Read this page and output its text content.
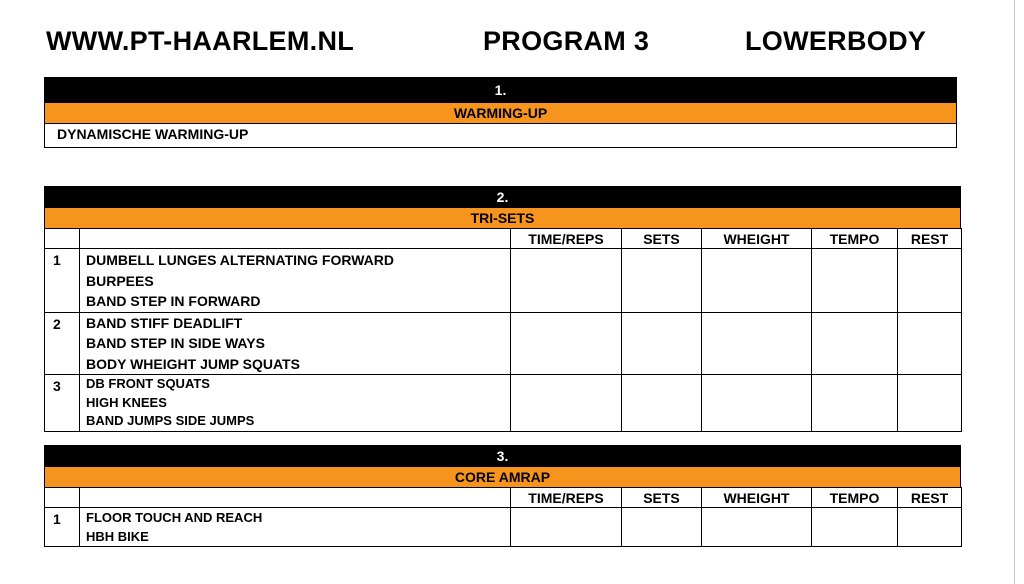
WWW.PT-HAARLEM.NL	PROGRAM 3	LOWERBODY
1.
WARMING-UP
DYNAMISCHE WARMING-UP
2.
TRI-SETS
		TIME/REPS	SETS	WHEIGHT	TEMPO	REST
1	DUMBELL LUNGES ALTERNATING FORWARD
BURPEES
BAND STEP IN FORWARD					

2	BAND STIFF DEADLIFT
BAND STEP IN SIDE WAYS
BODY WHEIGHT JUMP SQUATS					

3	DB FRONT SQUATS
HIGH KNEES
BAND JUMPS SIDE JUMPS					

3.
CORE AMRAP
		TIME/REPS	SETS	WHEIGHT	TEMPO	REST
1	FLOOR TOUCH AND REACH
HBH BIKE					
